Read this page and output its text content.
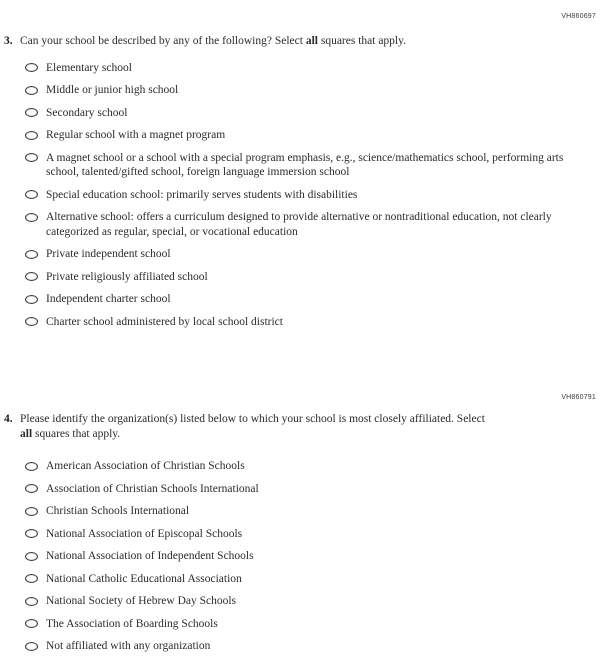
VH860697
3. Can your school be described by any of the following? Select all squares that apply.
Elementary school
Middle or junior high school
Secondary school
Regular school with a magnet program
A magnet school or a school with a special program emphasis, e.g., science/mathematics school, performing arts school, talented/gifted school, foreign language immersion school
Special education school: primarily serves students with disabilities
Alternative school: offers a curriculum designed to provide alternative or nontraditional education, not clearly categorized as regular, special, or vocational education
Private independent school
Private religiously affiliated school
Independent charter school
Charter school administered by local school district
VH860791
4. Please identify the organization(s) listed below to which your school is most closely affiliated. Select all squares that apply.
American Association of Christian Schools
Association of Christian Schools International
Christian Schools International
National Association of Episcopal Schools
National Association of Independent Schools
National Catholic Educational Association
National Society of Hebrew Day Schools
The Association of Boarding Schools
Not affiliated with any organization
